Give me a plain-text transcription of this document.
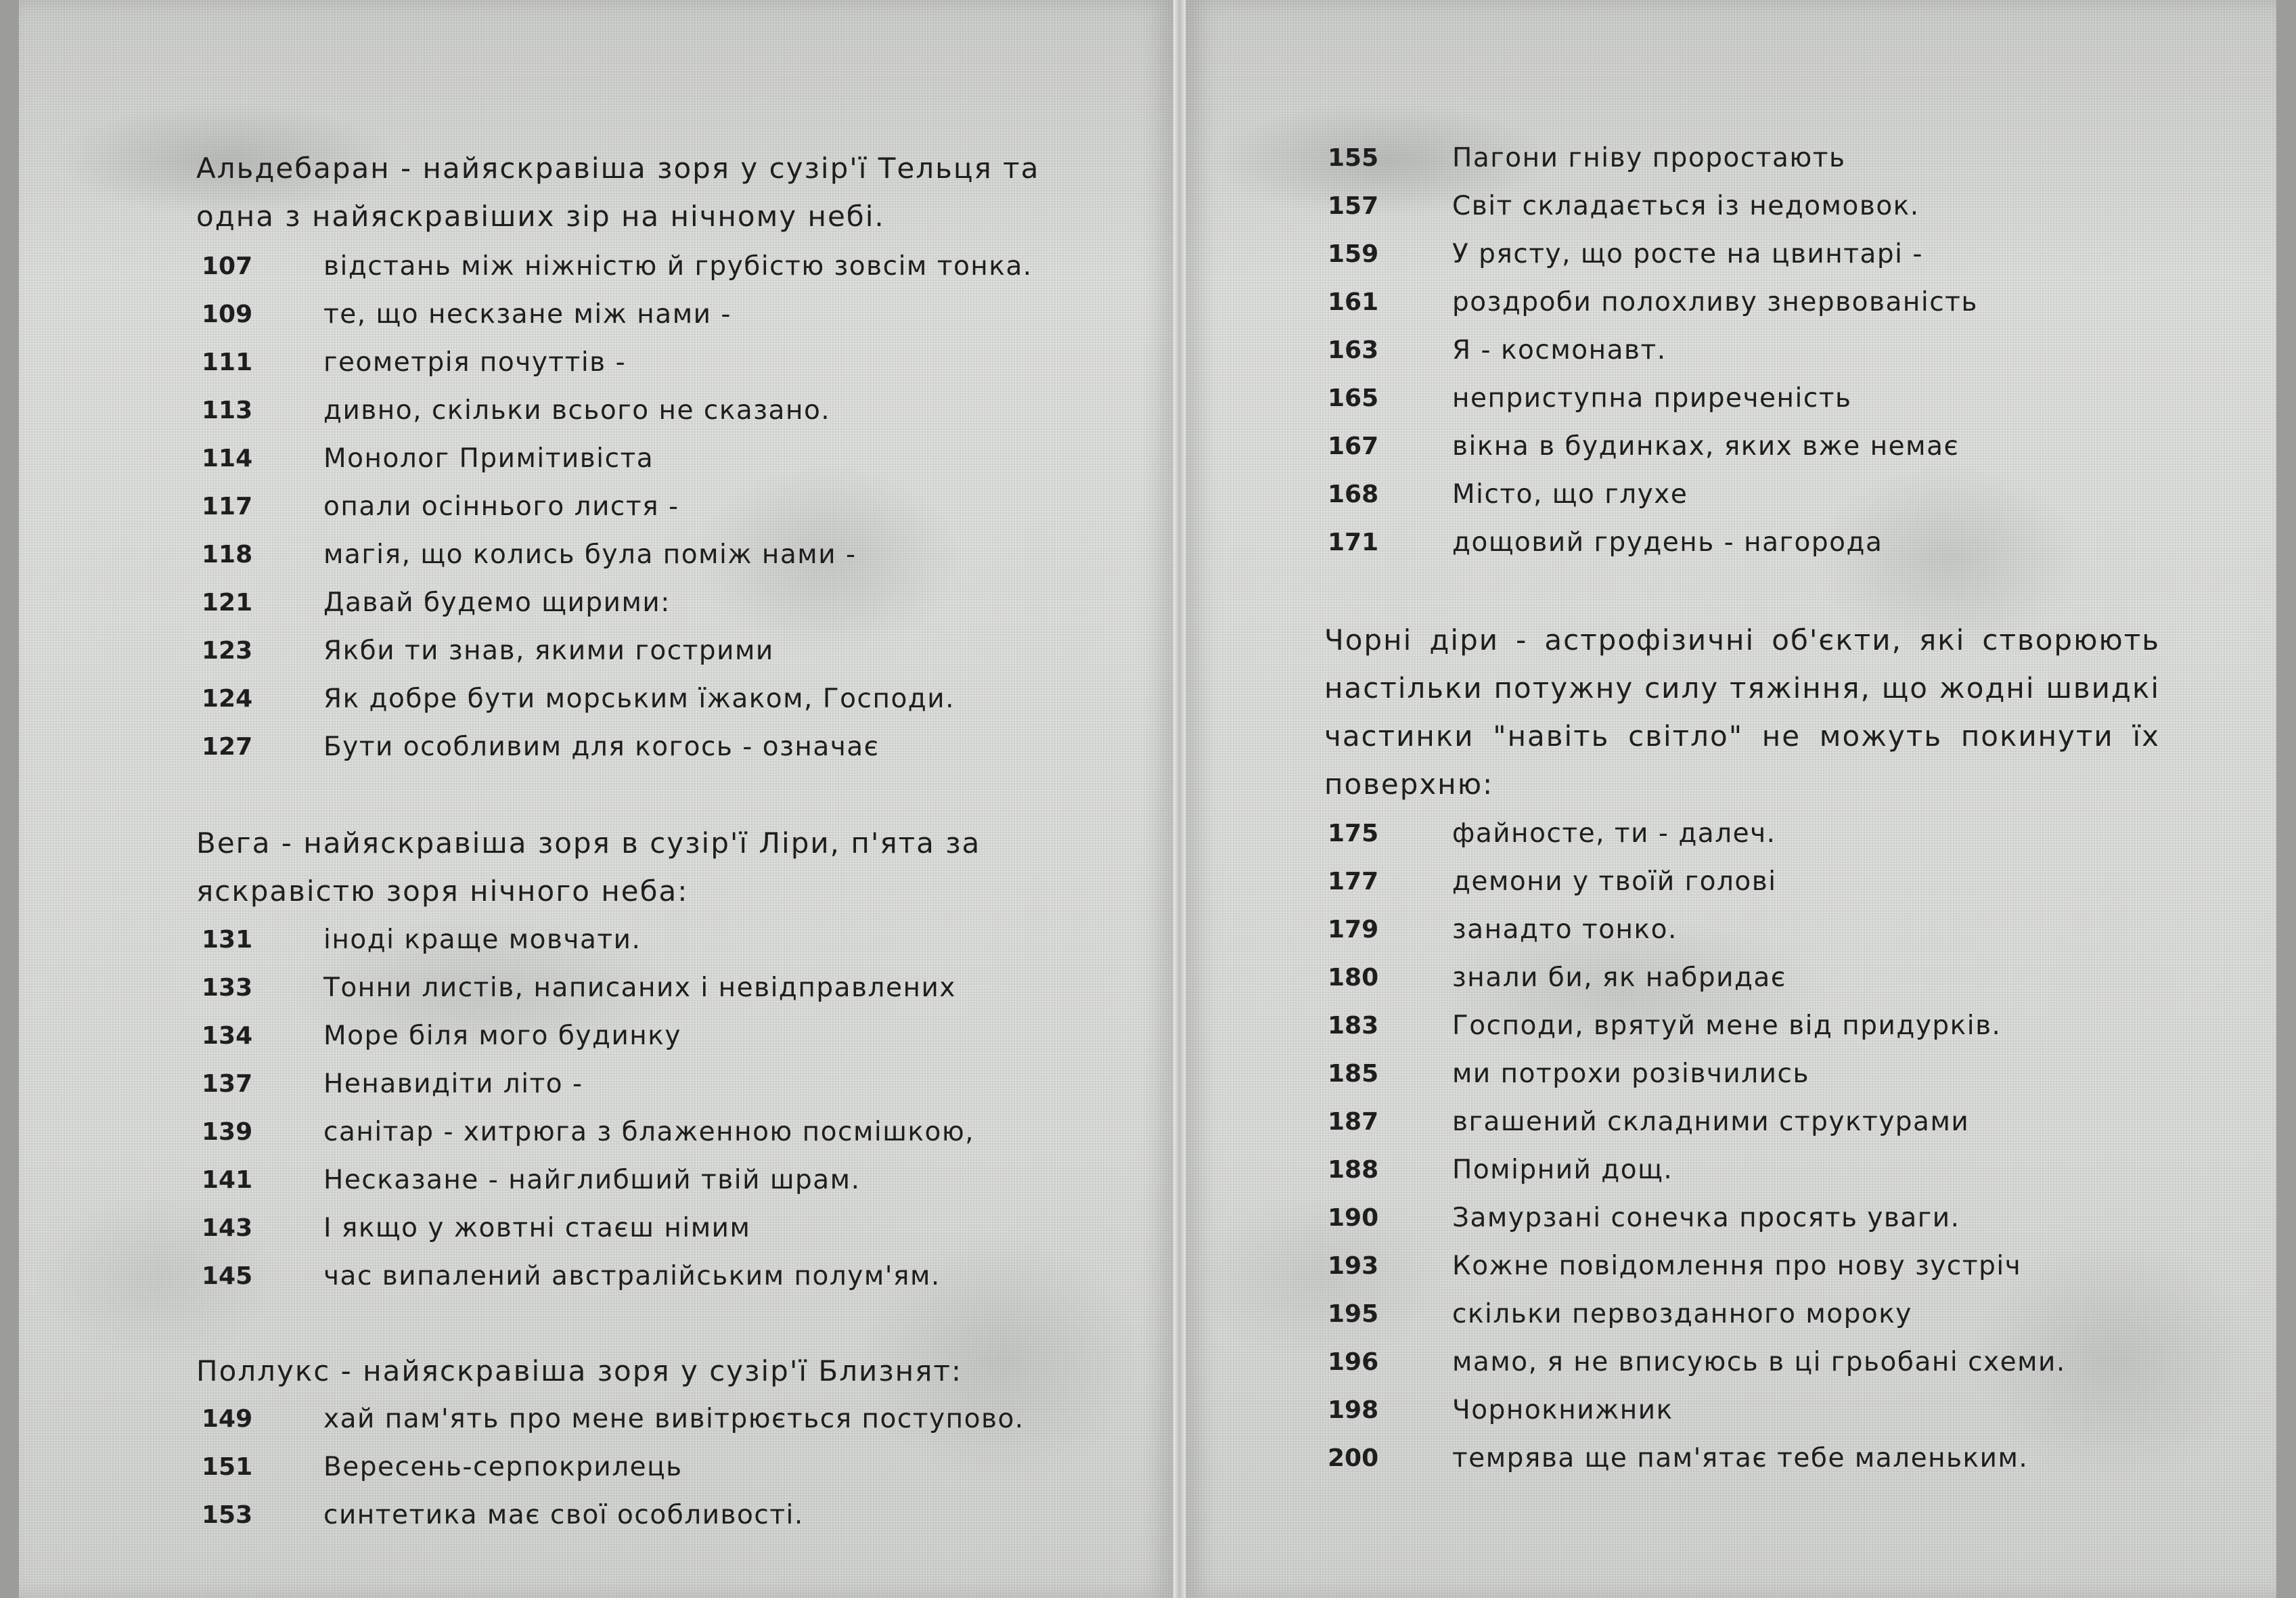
Альдебаран - найяскравіша зоря у сузір'ї Тельця та одна з найяскравіших зір на нічному небі.

107	відстань між ніжністю й грубістю зовсім тонка.
109	те, що нескзане між нами -
111	геометрія почуттів -
113	дивно, скільки всього не сказано.
114	Монолог Примітивіста
117	опали осіннього листя -
118	магія, що колись була поміж нами -
121	Давай будемо щирими:
123	Якби ти знав, якими гострими
124	Як добре бути морським їжаком, Господи.
127	Бути особливим для когось - означає

Вега - найяскравіша зоря в сузір'ї Ліри, п'ята за яскравістю зоря нічного неба:

131	іноді краще мовчати.
133	Тонни листів, написаних і невідправлених
134	Море біля мого будинку
137	Ненавидіти літо -
139	санітар - хитрюга з блаженною посмішкою,
141	Несказане - найглибший твій шрам.
143	І якщо у жовтні стаєш німим
145	час випалений австралійським полум'ям.

Поллукс - найяскравіша зоря у сузір'ї Близнят:

149	хай пам'ять про мене вивітрюється поступово.
151	Вересень-серпокрилець
153	синтетика має свої особливості.
155	Пагони гніву проростають
157	Світ складається із недомовок.
159	У рясту, що росте на цвинтарі -
161	роздроби полохливу знервованість
163	Я - космонавт.
165	неприступна приреченість
167	вікна в будинках, яких вже немає
168	Місто, що глухе
171	дощовий грудень - нагорода

Чорні діри - астрофізичні об'єкти, які створюють настільки потужну силу тяжіння, що жодні швидкі частинки "навіть світло" не можуть покинути їх поверхню:

175	файносте, ти - далеч.
177	демони у твоїй голові
179	занадто тонко.
180	знали би, як набридає
183	Господи, врятуй мене від придурків.
185	ми потрохи розівчились
187	вгашений складними структурами
188	Помірний дощ.
190	Замурзані сонечка просять уваги.
193	Кожне повідомлення про нову зустріч
195	скільки первозданного мороку
196	мамо, я не вписуюсь в ці грьобані схеми.
198	Чорнокнижник
200	темрява ще пам'ятає тебе маленьким.
